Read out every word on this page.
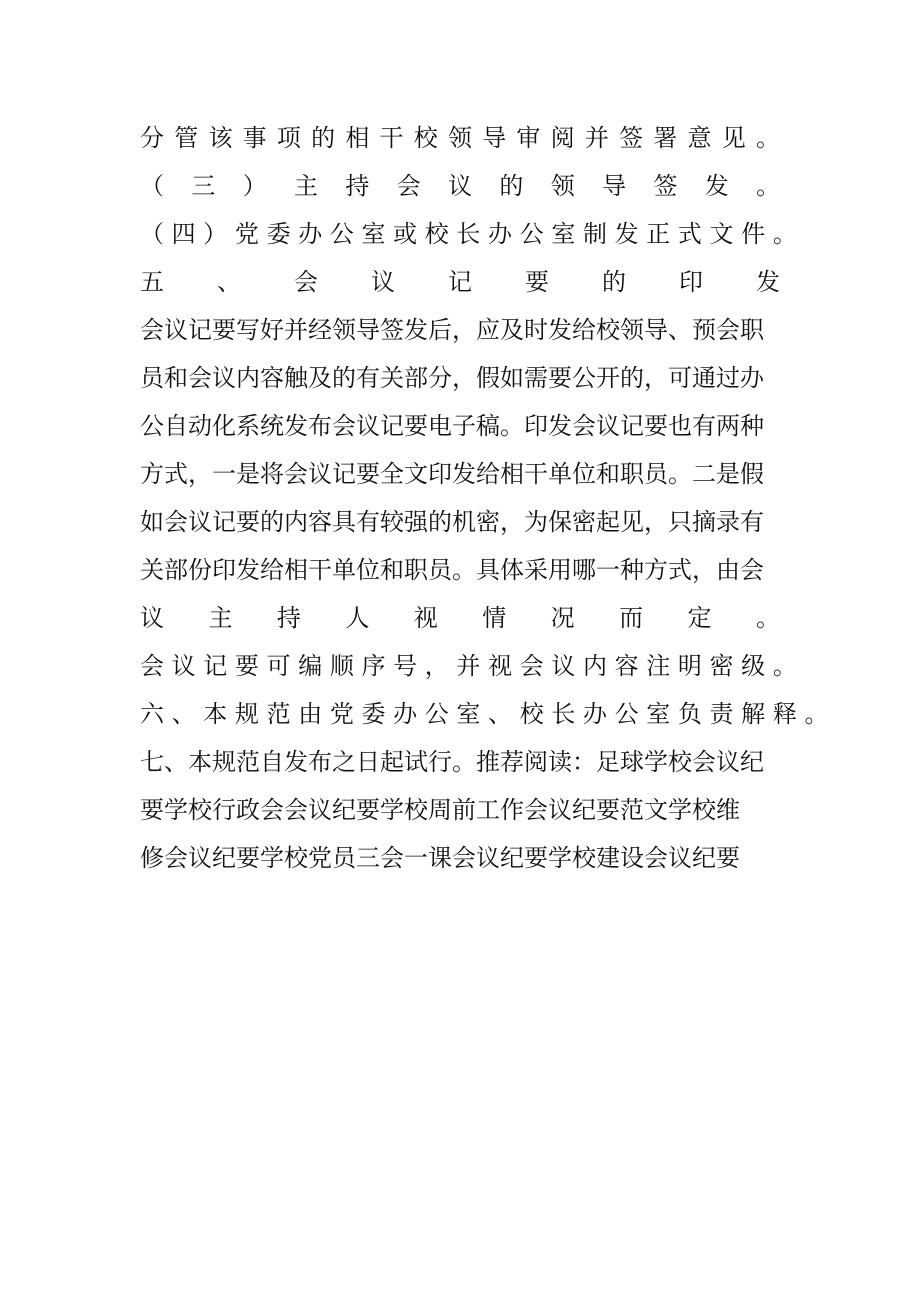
分 管 该 事 项 的 相 干 校 领 导 审 阅 并 签 署 意 见 。
（ 三 ） 主 持 会 议 的 领 导 签 发 。
（ 四 ） 党 委 办 公 室 或 校 长 办 公 室 制 发 正 式 文 件 。
五 、 会 议 记 要 的 印 发
会议记要写好并经领导签发后，应及时发给校领导、预会职
员和会议内容触及的有关部分，假如需要公开的，可通过办
公自动化系统发布会议记要电子稿。印发会议记要也有两种
方式，一是将会议记要全文印发给相干单位和职员。二是假
如会议记要的内容具有较强的机密，为保密起见，只摘录有
关部份印发给相干单位和职员。具体采用哪一种方式，由会
议 主 持 人 视 情 况 而 定 。
会 议 记 要 可 编 顺 序 号 ， 并 视 会 议 内 容 注 明 密 级 。
六 、 本 规 范 由 党 委 办 公 室 、 校 长 办 公 室 负 责 解 释 。
七、本规范自发布之日起试行。推荐阅读：足球学校会议纪
要学校行政会会议纪要学校周前工作会议纪要范文学校维
修会议纪要学校党员三会一课会议纪要学校建设会议纪要
